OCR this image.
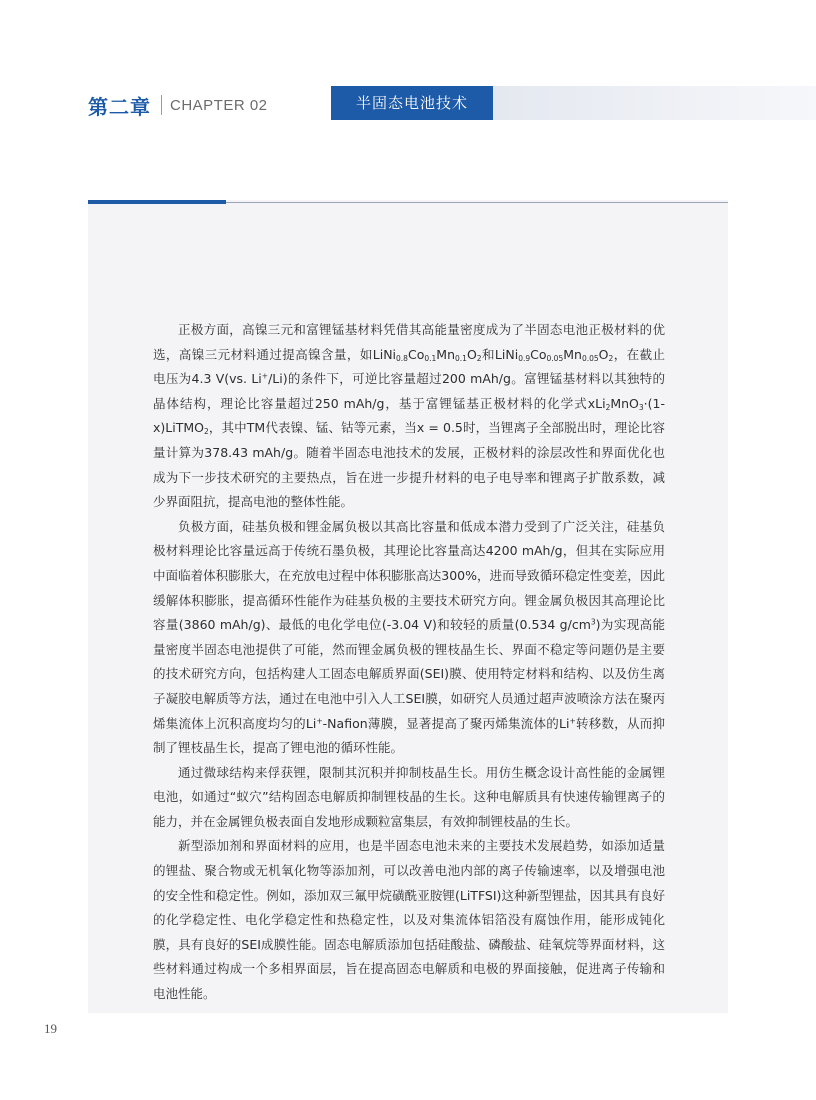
第二章 CHAPTER 02	半固态电池技术

正极方面，高镍三元和富锂锰基材料凭借其高能量密度成为了半固态电池正极材料的优选，高镍三元材料通过提高镍含量，如$LiNi_{0.8}Co_{0.1}Mn_{0.1}O_2$和$LiNi_{0.9}Co_{0.05}Mn_{0.05}O_2$，在截止电压为4.3 V(vs. Li+/Li)的条件下，可逆比容量超过200 mAh/g。富锂锰基材料以其独特的晶体结构，理论比容量超过250 mAh/g，基于富锂锰基正极材料的化学式xLi$_2$MnO$_3$·(1-x)LiTMO$_2$，其中TM代表镍、锰、钴等元素，当x = 0.5时，当锂离子全部脱出时，理论比容量计算为378.43 mAh/g。随着半固态电池技术的发展，正极材料的涂层改性和界面优化也成为下一步技术研究的主要热点，旨在进一步提升材料的电子电导率和锂离子扩散系数，减少界面阻抗，提高电池的整体性能。

负极方面，硅基负极和锂金属负极以其高比容量和低成本潜力受到了广泛关注，硅基负极材料理论比容量远高于传统石墨负极，其理论比容量高达4200 mAh/g，但其在实际应用中面临着体积膨胀大，在充放电过程中体积膨胀高达300%，进而导致循环稳定性变差，因此缓解体积膨胀，提高循环性能作为硅基负极的主要技术研究方向。锂金属负极因其高理论比容量(3860 mAh/g)、最低的电化学电位(-3.04 V)和较轻的质量(0.534 $g/cm^3$)为实现高能量密度半固态电池提供了可能，然而锂金属负极的锂枝晶生长、界面不稳定等问题仍是主要的技术研究方向，包括构建人工固态电解质界面(SEI)膜、使用特定材料和结构、以及仿生离子凝胶电解质等方法，通过在电池中引入人工SEI膜，如研究人员通过超声波喷涂方法在聚丙烯集流体上沉积高度均匀的Li+-Nafion薄膜，显著提高了聚丙烯集流体的Li+转移数，从而抑制了锂枝晶生长，提高了锂电池的循环性能。

通过微球结构来俘获锂，限制其沉积并抑制枝晶生长。用仿生概念设计高性能的金属锂电池，如通过“蚁穴”结构固态电解质抑制锂枝晶的生长。这种电解质具有快速传输锂离子的能力，并在金属锂负极表面自发地形成颗粒富集层，有效抑制锂枝晶的生长。

新型添加剂和界面材料的应用，也是半固态电池未来的主要技术发展趋势，如添加适量的锂盐、聚合物或无机氧化物等添加剂，可以改善电池内部的离子传输速率，以及增强电池的安全性和稳定性。例如，添加双三氟甲烷磺酰亚胺锂(LiTFSI)这种新型锂盐，因其具有良好的化学稳定性、电化学稳定性和热稳定性，以及对集流体铝箔没有腐蚀作用，能形成钝化膜，具有良好的SEI成膜性能。固态电解质添加包括硅酸盐、磷酸盐、硅氧烷等界面材料，这些材料通过构成一个多相界面层，旨在提高固态电解质和电极的界面接触，促进离子传输和电池性能。

19
